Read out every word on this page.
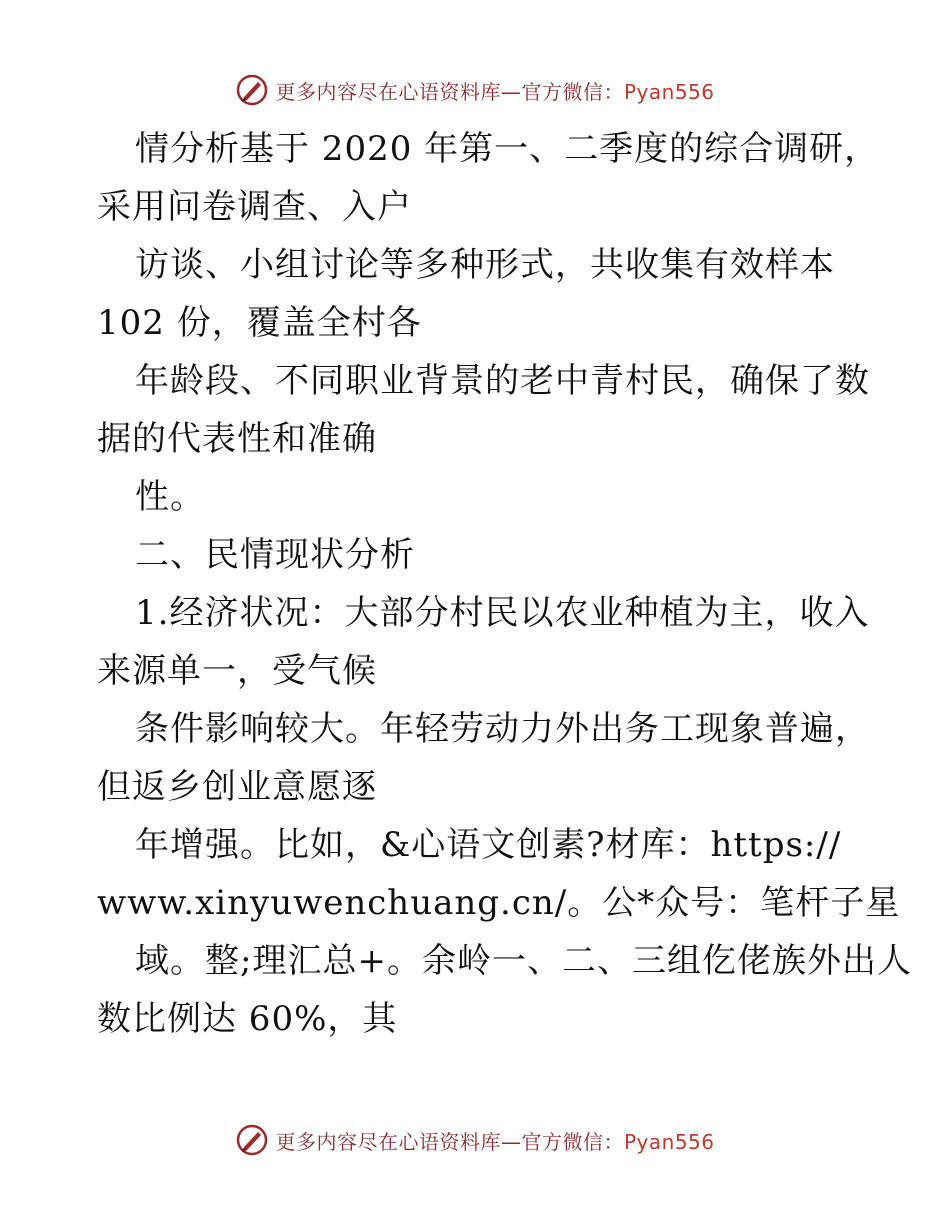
更多内容尽在心语资料库—官方微信：Pyan556
情分析基于 2020 年第一、二季度的综合调研，
采用问卷调查、入户
访谈、小组讨论等多种形式，共收集有效样本
102 份，覆盖全村各
年龄段、不同职业背景的老中青村民，确保了数
据的代表性和准确
性。
二、民情现状分析
1.经济状况：大部分村民以农业种植为主，收入
来源单一，受气候
条件影响较大。年轻劳动力外出务工现象普遍，
但返乡创业意愿逐
年增强。比如，&心语文创素?材库：https://
www.xinyuwenchuang.cn/。公*众号：笔杆子星
域。整;理汇总+。余岭一、二、三组仡佬族外出人
数比例达 60%，其
更多内容尽在心语资料库—官方微信：Pyan556
